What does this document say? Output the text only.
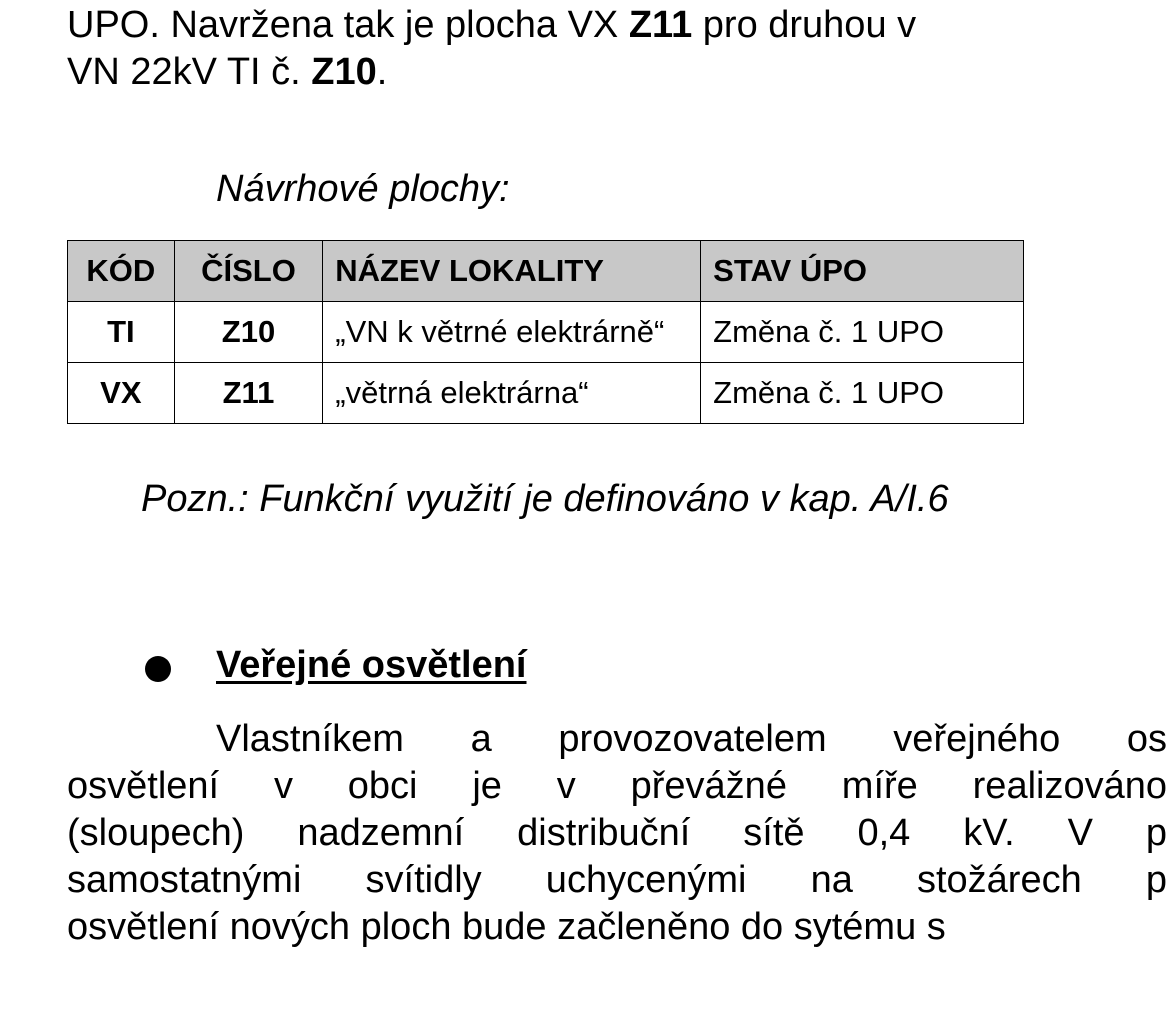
UPO. Navržena tak je plocha VX Z11 pro druhou v
VN 22kV TI č. Z10.

Návrhové plochy:

KÓD	ČÍSLO	NÁZEV LOKALITY	STAV ÚPO
TI	Z10	„VN k větrné elektrárně“	Změna č. 1 UPO
VX	Z11	„větrná elektrárna“	Změna č. 1 UPO

Pozn.: Funkční využití je definováno v kap. A/I.6

Veřejné osvětlení

Vlastníkem a provozovatelem veřejného os
osvětlení v obci je v převážné míře realizováno
(sloupech) nadzemní distribuční sítě 0,4 kV. V p
samostatnými svítidly uchycenými na stožárech p
osvětlení nových ploch bude začleněno do sytému s
